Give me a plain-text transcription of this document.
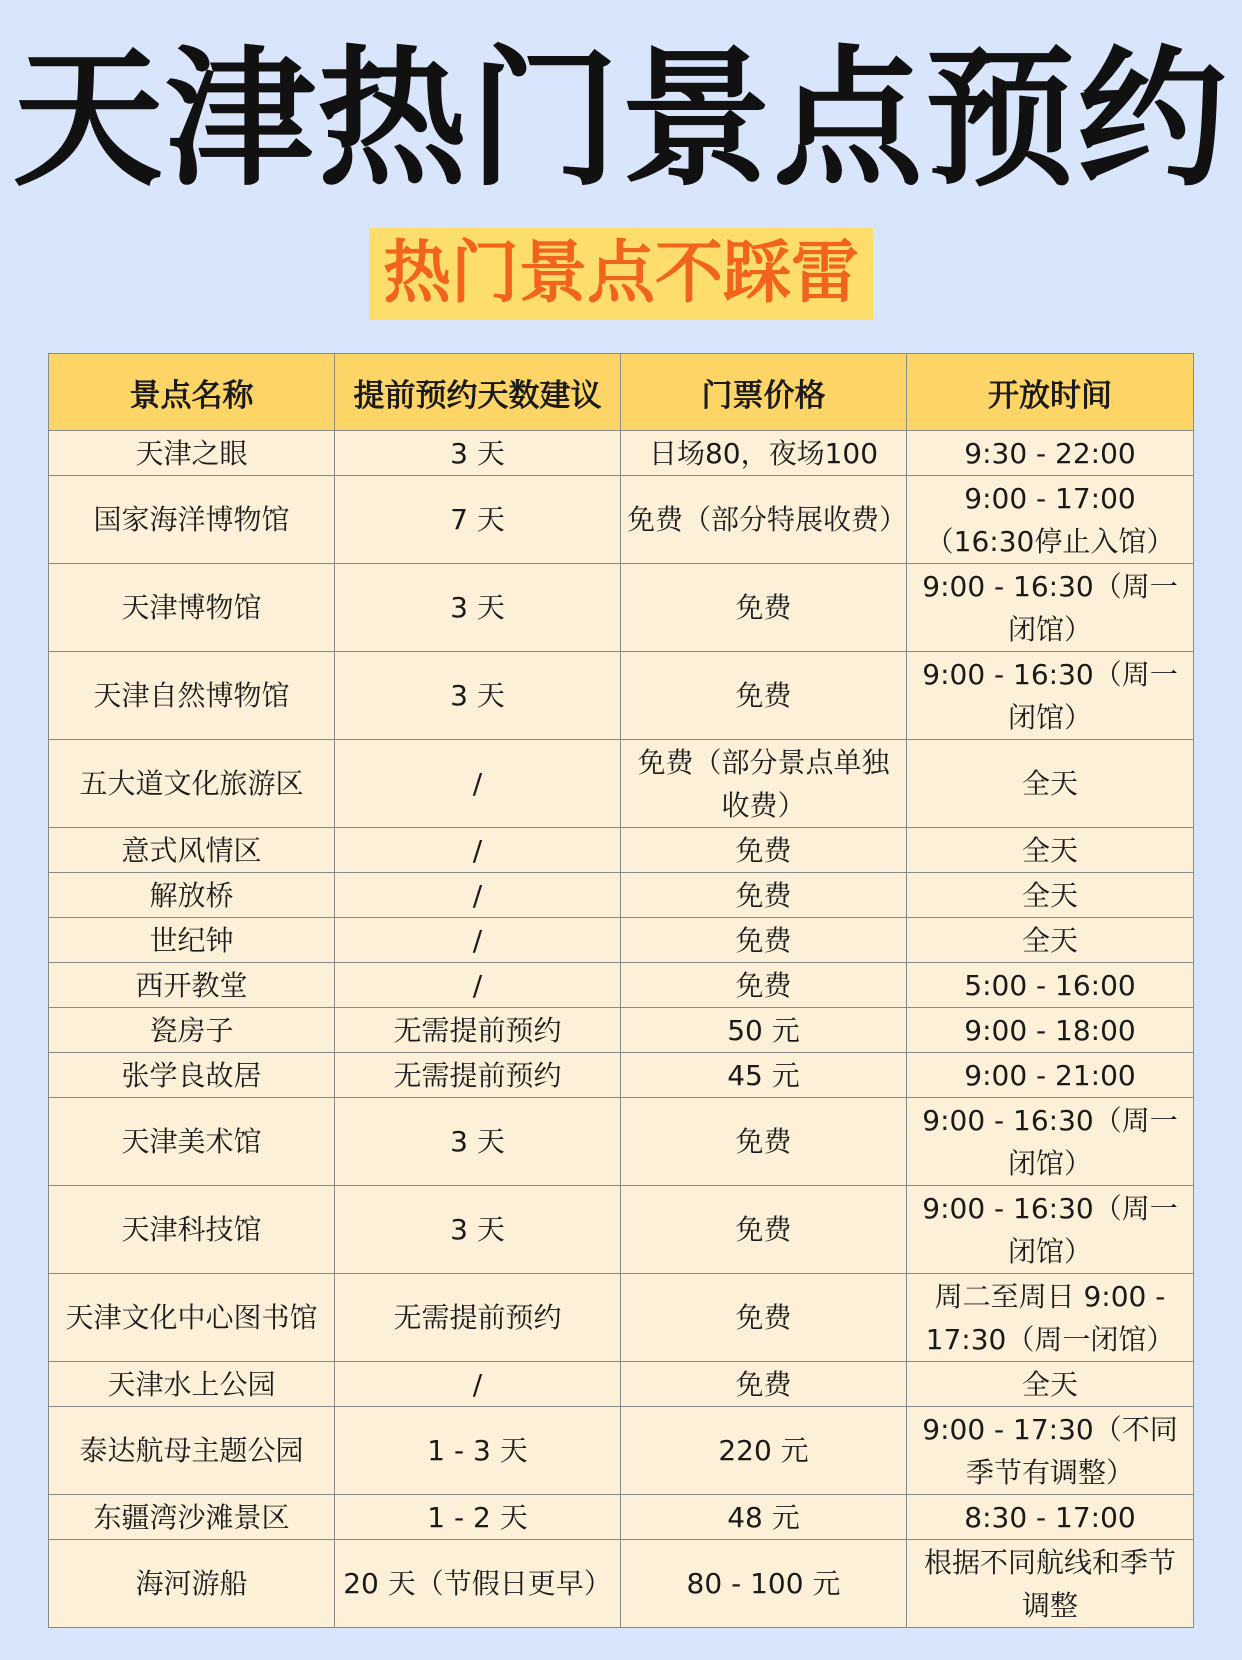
天津热门景点预约
热门景点不踩雷
景点名称	提前预约天数建议	门票价格	开放时间
天津之眼	3 天	日场80，夜场100	9:30 - 22:00
国家海洋博物馆	7 天	免费（部分特展收费）	9:00 - 17:00（16:30停止入馆）
天津博物馆	3 天	免费	9:00 - 16:30（周一闭馆）
天津自然博物馆	3 天	免费	9:00 - 16:30（周一闭馆）
五大道文化旅游区	/	免费（部分景点单独收费）	全天
意式风情区	/	免费	全天
解放桥	/	免费	全天
世纪钟	/	免费	全天
西开教堂	/	免费	5:00 - 16:00
瓷房子	无需提前预约	50 元	9:00 - 18:00
张学良故居	无需提前预约	45 元	9:00 - 21:00
天津美术馆	3 天	免费	9:00 - 16:30（周一闭馆）
天津科技馆	3 天	免费	9:00 - 16:30（周一闭馆）
天津文化中心图书馆	无需提前预约	免费	周二至周日 9:00 - 17:30（周一闭馆）
天津水上公园	/	免费	全天
泰达航母主题公园	1 - 3 天	220 元	9:00 - 17:30（不同季节有调整）
东疆湾沙滩景区	1 - 2 天	48 元	8:30 - 17:00
海河游船	20 天（节假日更早）	80 - 100 元	根据不同航线和季节调整
